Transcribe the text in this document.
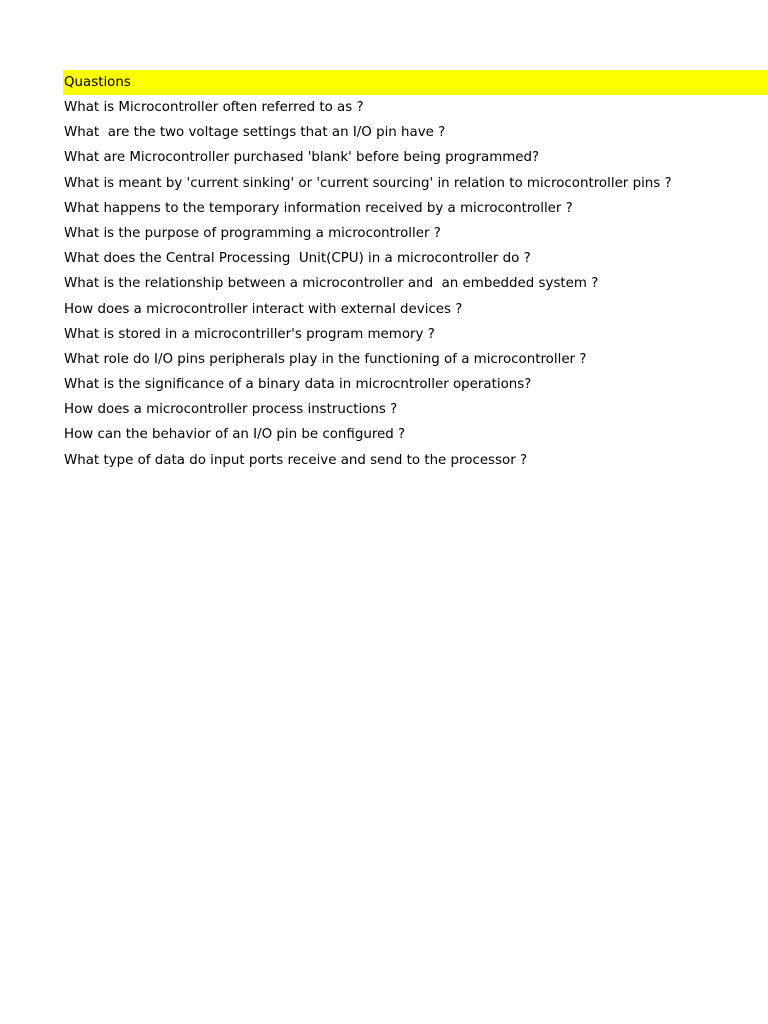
Quastions
What is Microcontroller often referred to as ?
What  are the two voltage settings that an I/O pin have ?
What are Microcontroller purchased 'blank' before being programmed?
What is meant by 'current sinking' or 'current sourcing' in relation to microcontroller pins ?
What happens to the temporary information received by a microcontroller ?
What is the purpose of programming a microcontroller ?
What does the Central Processing  Unit(CPU) in a microcontroller do ?
What is the relationship between a microcontroller and  an embedded system ?
How does a microcontroller interact with external devices ?
What is stored in a microcontriller's program memory ?
What role do I/O pins peripherals play in the functioning of a microcontroller ?
What is the significance of a binary data in microcntroller operations?
How does a microcontroller process instructions ?
How can the behavior of an I/O pin be configured ?
What type of data do input ports receive and send to the processor ?
